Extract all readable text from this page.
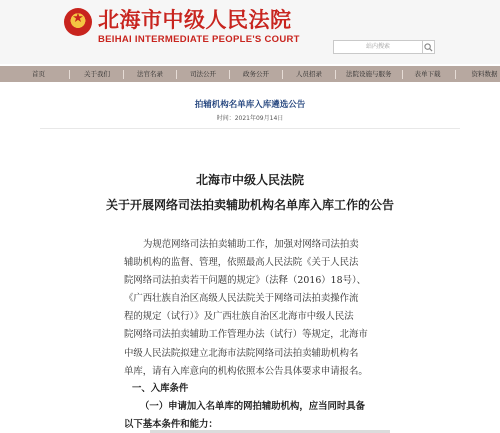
★ 北海市中级人民法院
BEIHAI INTERMEDIATE PEOPLE'S COURT
站内搜索
首页	关于我们	法官名录	司法公开	政务公开	人员招录	法院设施与服务	表单下载	资料数据
拍辅机构名单库入库遴选公告
时间：2021年09月14日
北海市中级人民法院
关于开展网络司法拍卖辅助机构名单库入库工作的公告
为规范网络司法拍卖辅助工作，加强对网络司法拍卖
辅助机构的监督、管理，依照最高人民法院《关于人民法
院网络司法拍卖若干问题的规定》（法释（2016）18号）、
《广西壮族自治区高级人民法院关于网络司法拍卖操作流
程的规定（试行）》及广西壮族自治区北海市中级人民法
院网络司法拍卖辅助工作管理办法（试行）等规定，北海市
中级人民法院拟建立北海市法院网络司法拍卖辅助机构名
单库，请有入库意向的机构依照本公告具体要求申请报名。
一、入库条件
（一）申请加入名单库的网拍辅助机构，应当同时具备
以下基本条件和能力：
